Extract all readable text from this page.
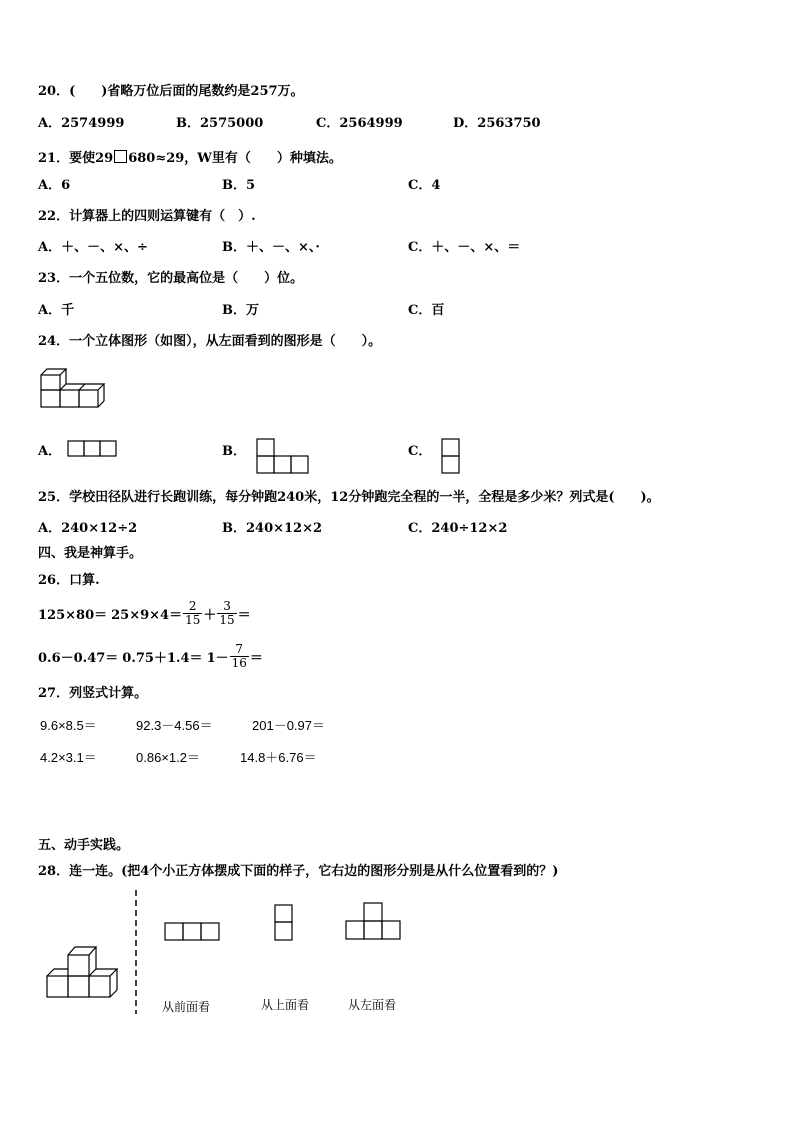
20．(　　)省略万位后面的尾数约是257万。
A．2574999	B．2575000	C．2564999	D．2563750
21．要使29 680≈29，W里有（　　）种填法。
A．6	B．5	C．4
22．计算器上的四则运算键有（　）.
A．＋、－、×、÷	B．＋、－、×、·	C．＋、－、×、＝
23．一个五位数，它的最高位是（　　）位。
A．千	B．万	C．百
24．一个立体图形（如图），从左面看到的图形是（　　）。
A．	B．	C．
25．学校田径队进行长跑训练，每分钟跑240米，12分钟跑完全程的一半，全程是多少米？列式是(　　)。
A．240×12÷2	B．240×12×2	C．240÷12×2
四、我是神算手。
26．口算.
$125\times 80= 25\times 9\times 4= \frac{2}{15} + \frac{3}{15}$ ＝
$0.6-0.47= 0.75+1.4= 1- \frac{7}{16}$ ＝
27．列竖式计算。
9.6×8.5＝	92.3－4.56＝	201－0.97＝
4.2×3.1＝	0.86×1.2＝	14.8＋6.76＝
五、动手实践。
28．连一连。(把4个小正方体摆成下面的样子，它右边的图形分别是从什么位置看到的？)
从前面看	从上面看	从左面看
